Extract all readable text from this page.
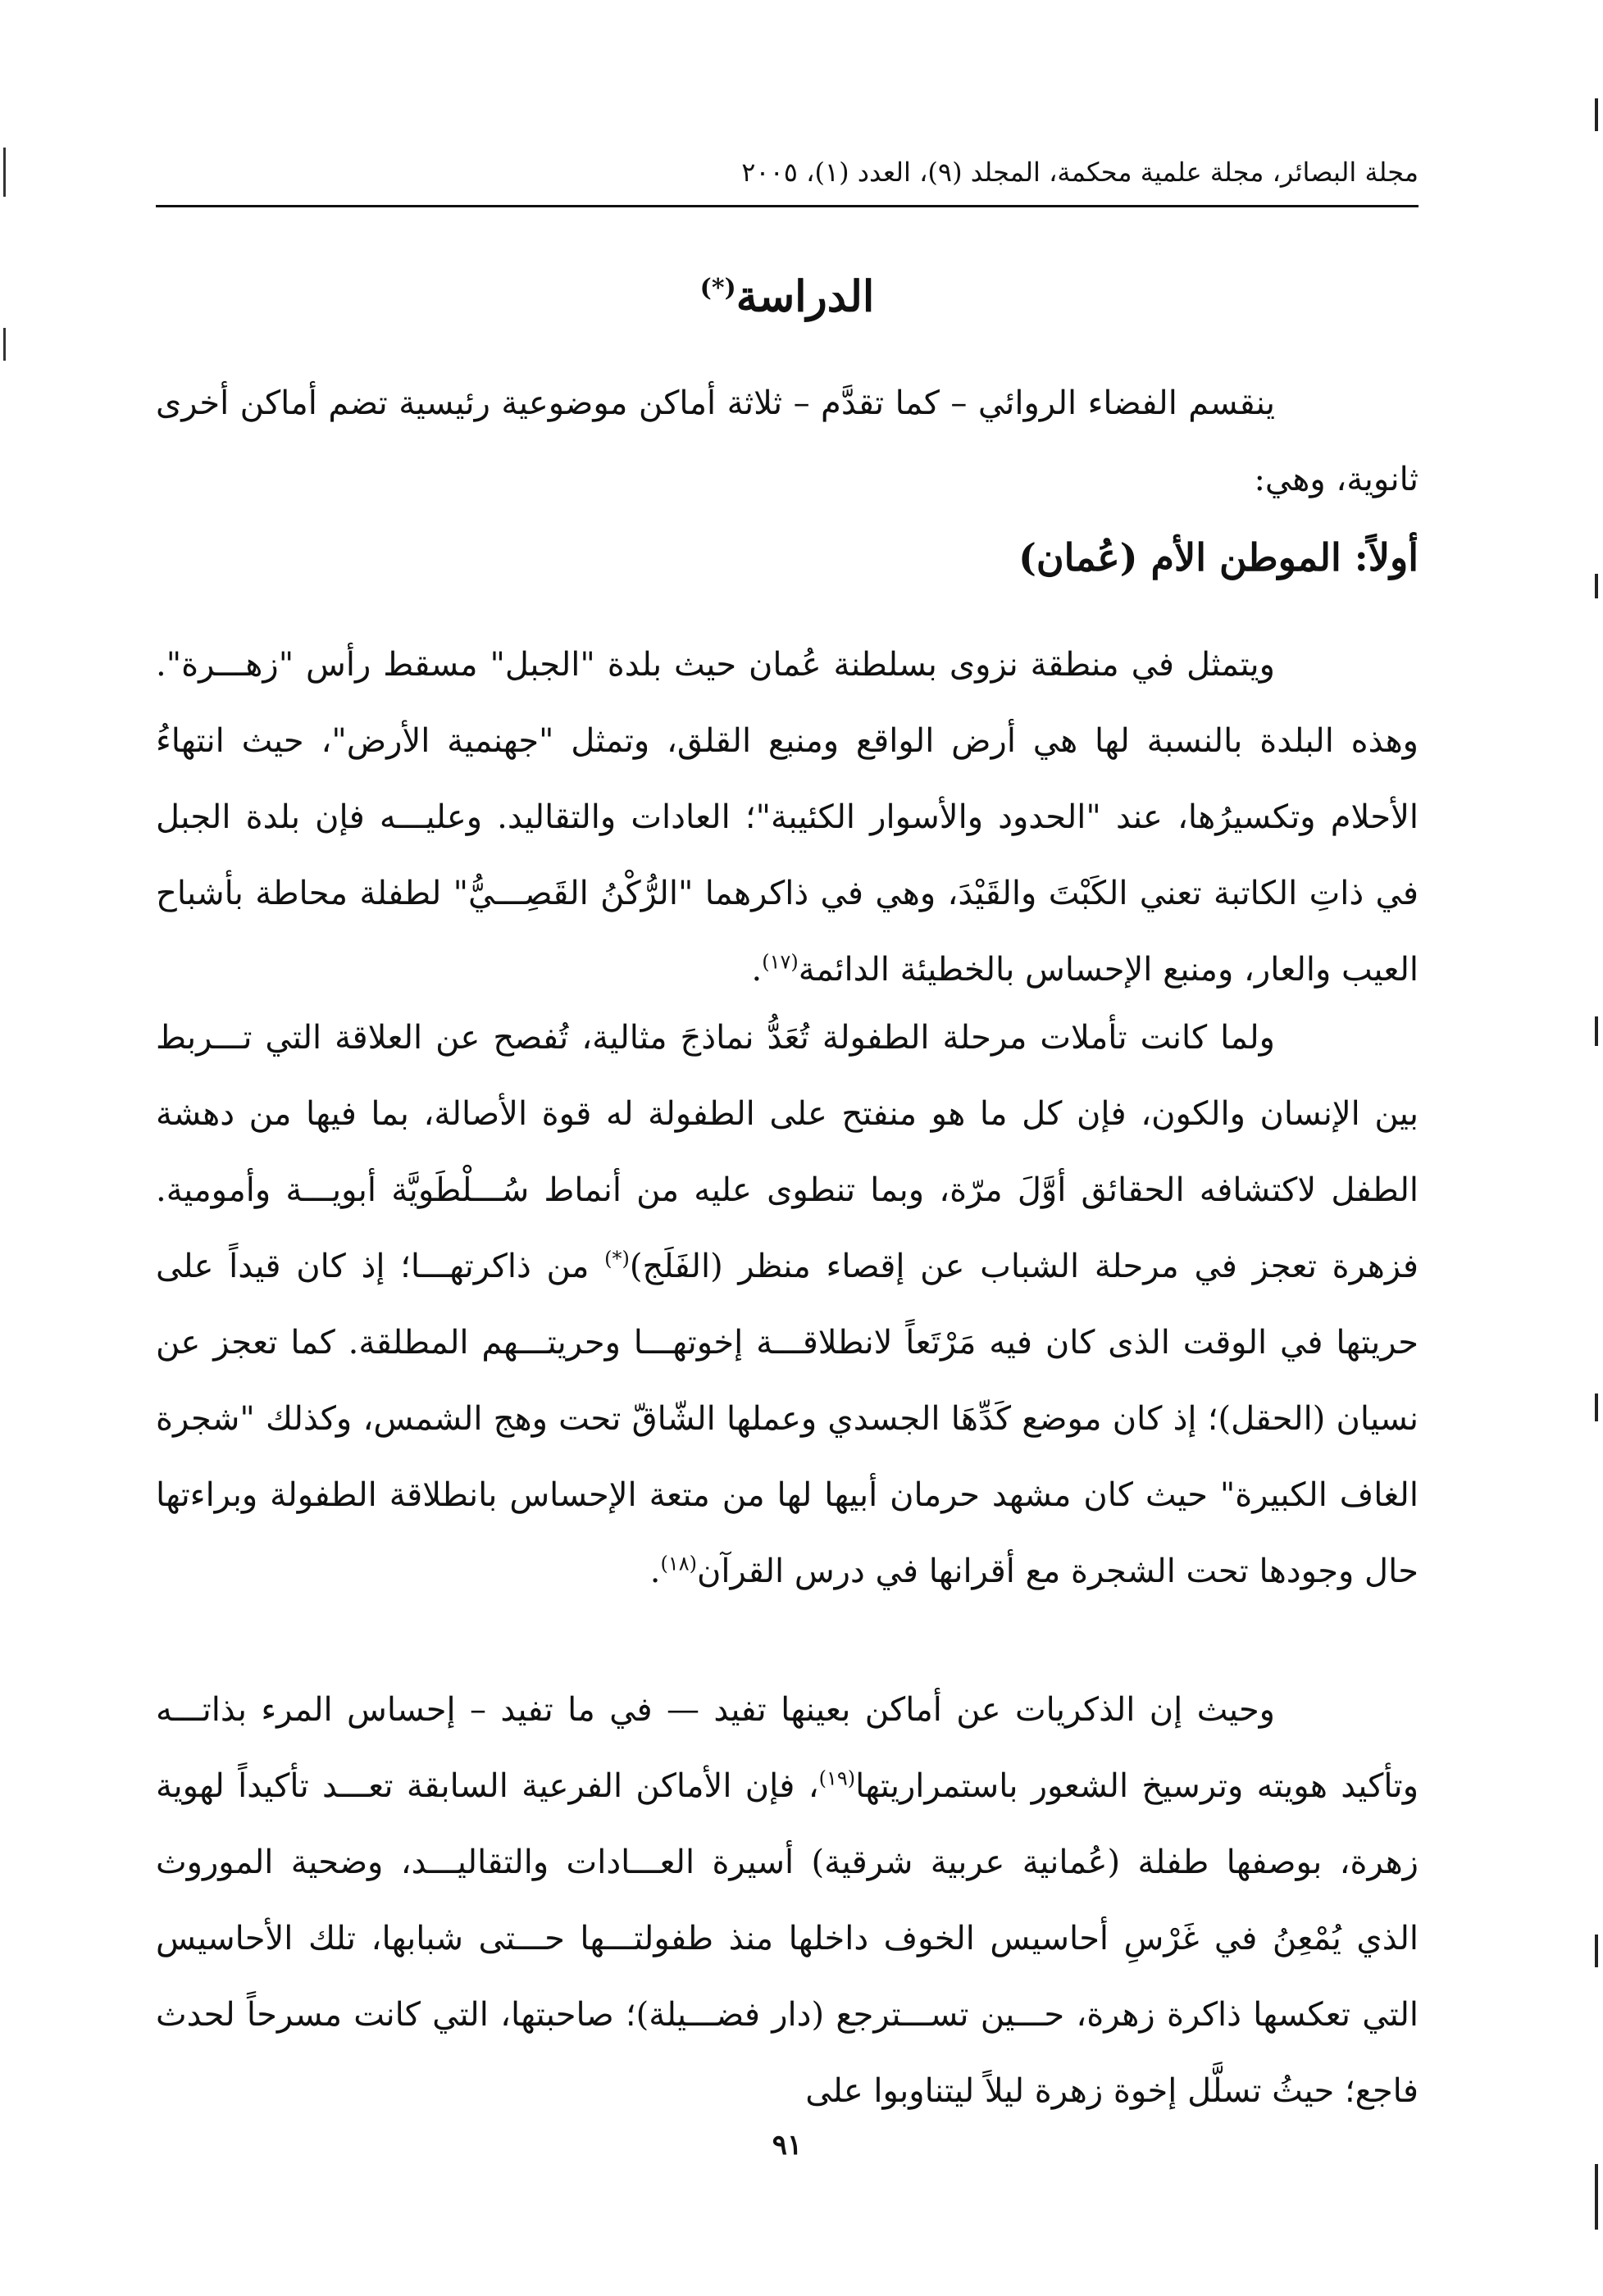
مجلة البصائر، مجلة علمية محكمة، المجلد (٩)، العدد (١)، ٢٠٠٥
الدراسة(*)

ينقسم الفضاء الروائي – كما تقدَّم – ثلاثة أماكن موضوعية رئيسية تضم أماكن أخرى ثانوية، وهي:

أولاً: الموطن الأم (عُمان)

ويتمثل في منطقة نزوى بسلطنة عُمان حيث بلدة "الجبل" مسقط رأس "زهـــرة". وهذه البلدة بالنسبة لها هي أرض الواقع ومنبع القلق، وتمثل "جهنمية الأرض"، حيث انتهاءُ الأحلام وتكسيرُها، عند "الحدود والأسوار الكئيبة"؛ العادات والتقاليد. وعليـــه فإن بلدة الجبل في ذاتِ الكاتبة تعني الكَبْتَ والقَيْدَ، وهي في ذاكرهما "الرُّكْنُ القَصِـــيُّ" لطفلة محاطة بأشباح العيب والعار، ومنبع الإحساس بالخطيئة الدائمة$^{(١٧)}$.

ولما كانت تأملات مرحلة الطفولة تُعَدُّ نماذجَ مثالية، تُفصح عن العلاقة التي تـــربط بين الإنسان والكون، فإن كل ما هو منفتح على الطفولة له قوة الأصالة، بما فيها من دهشة الطفل لاكتشافه الحقائق أوَّلَ مرّة، وبما تنطوى عليه من أنماط سُـــلْطَويَّة أبويـــة وأمومية. فزهرة تعجز في مرحلة الشباب عن إقصاء منظر (الفَلَج)(*) من ذاكرتهـــا؛ إذ كان قيداً على حريتها في الوقت الذى كان فيه مَرْتَعاً لانطلاقـــة إخوتهـــا وحريتـــهم المطلقة. كما تعجز عن نسيان (الحقل)؛ إذ كان موضع كَدِّهَا الجسدي وعملها الشّاقّ تحت وهج الشمس، وكذلك "شجرة الغاف الكبيرة" حيث كان مشهد حرمان أبيها لها من متعة الإحساس بانطلاقة الطفولة وبراءتها حال وجودها تحت الشجرة مع أقرانها في درس القرآن$^{(١٨)}$.

وحيث إن الذكريات عن أماكن بعينها تفيد — في ما تفيد – إحساس المرء بذاتـــه وتأكيد هويته وترسيخ الشعور باستمراريتها$^{(١٩)}$، فإن الأماكن الفرعية السابقة تعـــد تأكيداً لهوية زهرة، بوصفها طفلة (عُمانية عربية شرقية) أسيرة العـــادات والتقاليـــد، وضحية الموروث الذي يُمْعِنُ في غَرْسِ أحاسيس الخوف داخلها منذ طفولتـــها حـــتى شبابها، تلك الأحاسيس التي تعكسها ذاكرة زهرة، حـــين تســـترجع (دار فضـــيلة)؛ صاحبتها، التي كانت مسرحاً لحدث فاجع؛ حيثُ تسلَّل إخوة زهرة ليلاً ليتناوبوا على

٩١
